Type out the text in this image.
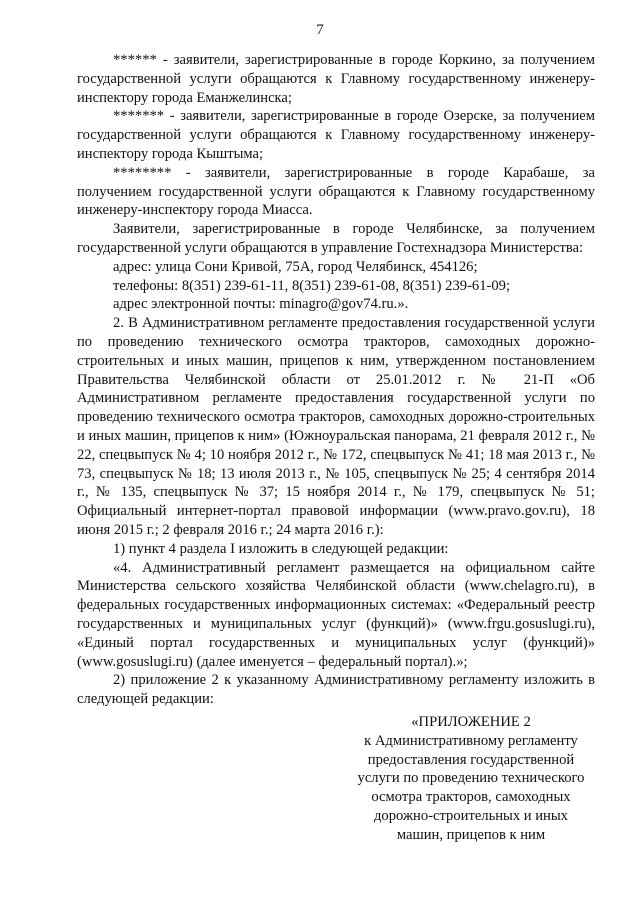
7

****** - заявители, зарегистрированные в городе Коркино, за получением государственной услуги обращаются к Главному государственному инженеру-инспектору города Еманжелинска;

******* - заявители, зарегистрированные в городе Озерске, за получением государственной услуги обращаются к Главному государственному инженеру-инспектору города Кыштыма;

******** - заявители, зарегистрированные в городе Карабаше, за получением государственной услуги обращаются к Главному государственному инженеру-инспектору города Миасса.

Заявители, зарегистрированные в городе Челябинске, за получением государственной услуги обращаются в управление Гостехнадзора Министерства:

адрес: улица Сони Кривой, 75А, город Челябинск, 454126;

телефоны: 8(351) 239-61-11, 8(351) 239-61-08, 8(351) 239-61-09;

адрес электронной почты: minagro@gov74.ru.».

2. В Административном регламенте предоставления государственной услуги по проведению технического осмотра тракторов, самоходных дорожно-строительных и иных машин, прицепов к ним, утвержденном постановлением Правительства Челябинской области от 25.01.2012 г. № 21-П «Об Административном регламенте предоставления государственной услуги по проведению технического осмотра тракторов, самоходных дорожно-строительных и иных машин, прицепов к ним» (Южноуральская панорама, 21 февраля 2012 г., № 22, спецвыпуск № 4; 10 ноября 2012 г., № 172, спецвыпуск № 41; 18 мая 2013 г., № 73, спецвыпуск № 18; 13 июля 2013 г., № 105, спецвыпуск № 25; 4 сентября 2014 г., № 135, спецвыпуск № 37; 15 ноября 2014 г., № 179, спецвыпуск № 51; Официальный интернет-портал правовой информации (www.pravo.gov.ru), 18 июня 2015 г.; 2 февраля 2016 г.; 24 марта 2016 г.):

1) пункт 4 раздела I изложить в следующей редакции:

«4. Административный регламент размещается на официальном сайте Министерства сельского хозяйства Челябинской области (www.chelagro.ru), в федеральных государственных информационных системах: «Федеральный реестр государственных и муниципальных услуг (функций)» (www.frgu.gosuslugi.ru), «Единый портал государственных и муниципальных услуг (функций)» (www.gosuslugi.ru) (далее именуется – федеральный портал).»;

2) приложение 2 к указанному Административному регламенту изложить в следующей редакции:

«ПРИЛОЖЕНИЕ 2
к Административному регламенту
предоставления государственной
услуги по проведению технического
осмотра тракторов, самоходных
дорожно-строительных и иных
машин, прицепов к ним
